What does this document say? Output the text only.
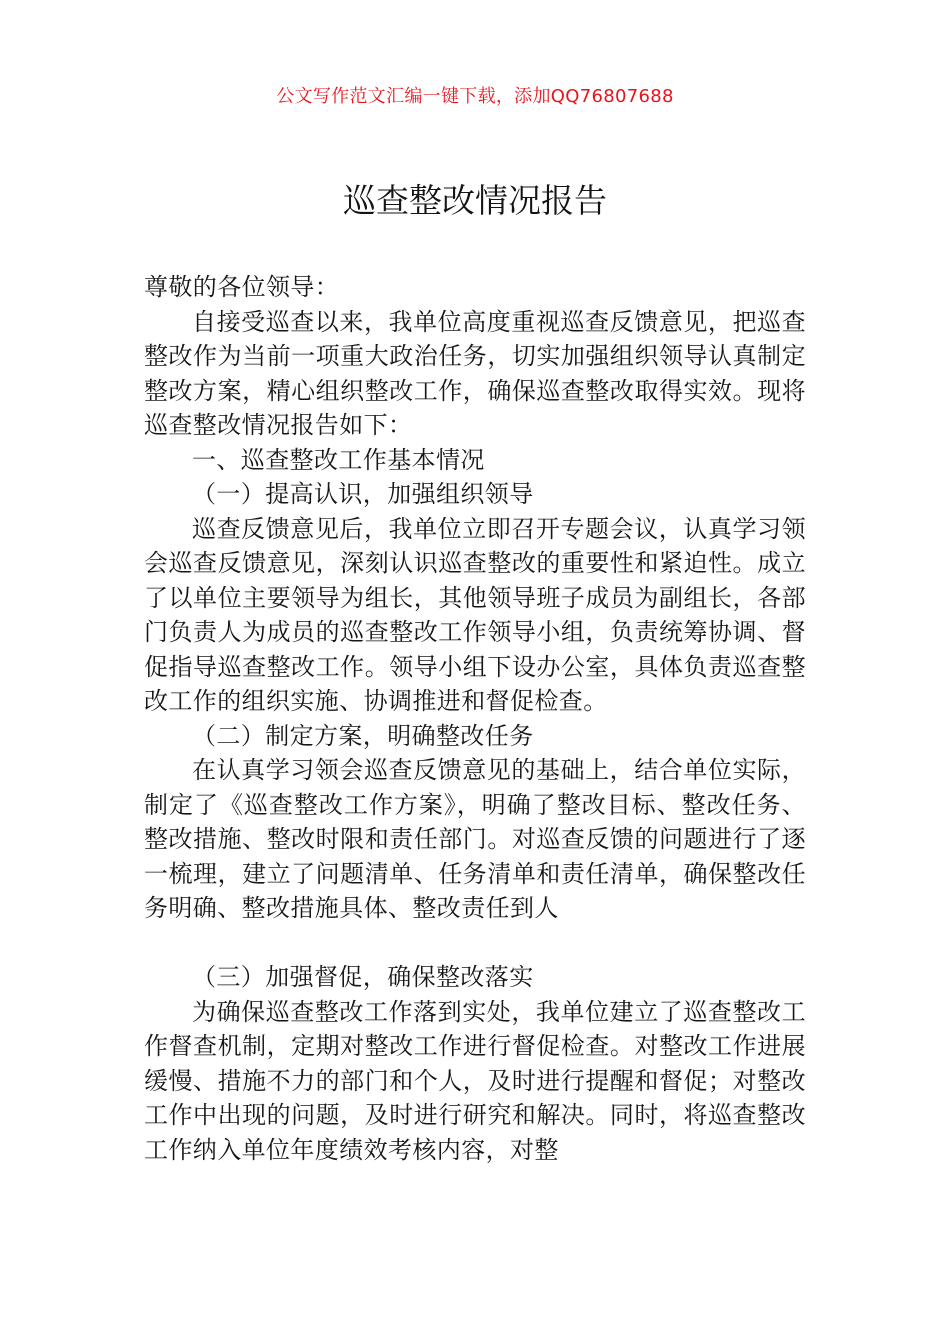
公文写作范文汇编一键下载，添加QQ76807688
巡查整改情况报告

尊敬的各位领导：

自接受巡查以来，我单位高度重视巡查反馈意见，把巡查整改作为当前一项重大政治任务，切实加强组织领导认真制定整改方案，精心组织整改工作，确保巡查整改取得实效。现将巡查整改情况报告如下：

一、巡查整改工作基本情况

（一）提高认识，加强组织领导

巡查反馈意见后，我单位立即召开专题会议，认真学习领会巡查反馈意见，深刻认识巡查整改的重要性和紧迫性。成立了以单位主要领导为组长，其他领导班子成员为副组长，各部门负责人为成员的巡查整改工作领导小组，负责统筹协调、督促指导巡查整改工作。领导小组下设办公室，具体负责巡查整改工作的组织实施、协调推进和督促检查。

（二）制定方案，明确整改任务

在认真学习领会巡查反馈意见的基础上，结合单位实际，制定了《巡查整改工作方案》，明确了整改目标、整改任务、整改措施、整改时限和责任部门。对巡查反馈的问题进行了逐一梳理，建立了问题清单、任务清单和责任清单，确保整改任务明确、整改措施具体、整改责任到人

（三）加强督促，确保整改落实

为确保巡查整改工作落到实处，我单位建立了巡查整改工作督查机制，定期对整改工作进行督促检查。对整改工作进展缓慢、措施不力的部门和个人，及时进行提醒和督促；对整改工作中出现的问题，及时进行研究和解决。同时，将巡查整改工作纳入单位年度绩效考核内容，对整
